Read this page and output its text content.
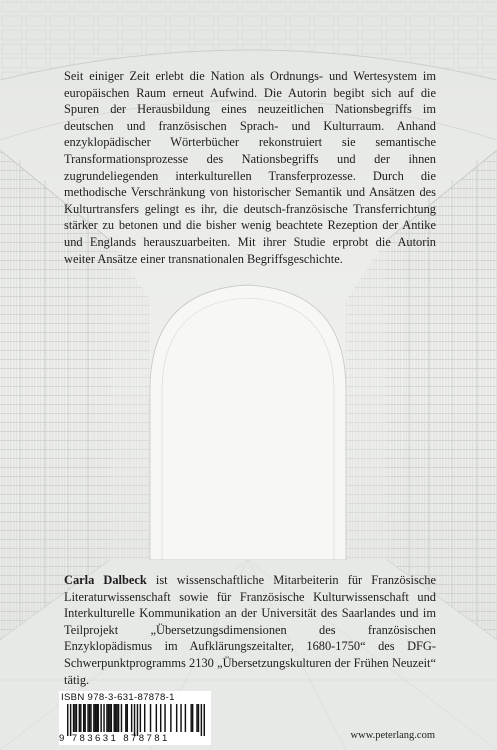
Seit einiger Zeit erlebt die Nation als Ordnungs- und Wertesystem im europäischen Raum erneut Aufwind. Die Autorin begibt sich auf die Spuren der Herausbildung eines neuzeitlichen Nationsbegriffs im deutschen und französischen Sprach- und Kulturraum. Anhand enzyklopädischer Wörterbücher rekonstruiert sie semantische Transformationsprozesse des Nationsbegriffs und der ihnen zugrundeliegenden interkulturellen Transferprozesse. Durch die methodische Verschränkung von historischer Semantik und Ansätzen des Kulturtransfers gelingt es ihr, die deutsch-französische Transferrichtung stärker zu betonen und die bisher wenig beachtete Rezeption der Antike und Englands herauszuarbeiten. Mit ihrer Studie erprobt die Autorin weiter Ansätze einer transnationalen Begriffsgeschichte.

Carla Dalbeck ist wissenschaftliche Mitarbeiterin für Französische Literaturwissenschaft sowie für Französische Kulturwissenschaft und Interkulturelle Kommunikation an der Universität des Saarlandes und im Teilprojekt „Übersetzungsdimensionen des französischen Enzyklopädismus im Aufklärungszeitalter, 1680-1750“ des DFG-Schwerpunktprogramms 2130 „Übersetzungskulturen der Frühen Neuzeit“ tätig.

ISBN 978-3-631-87878-1
9 783631 878781	www.peterlang.com
